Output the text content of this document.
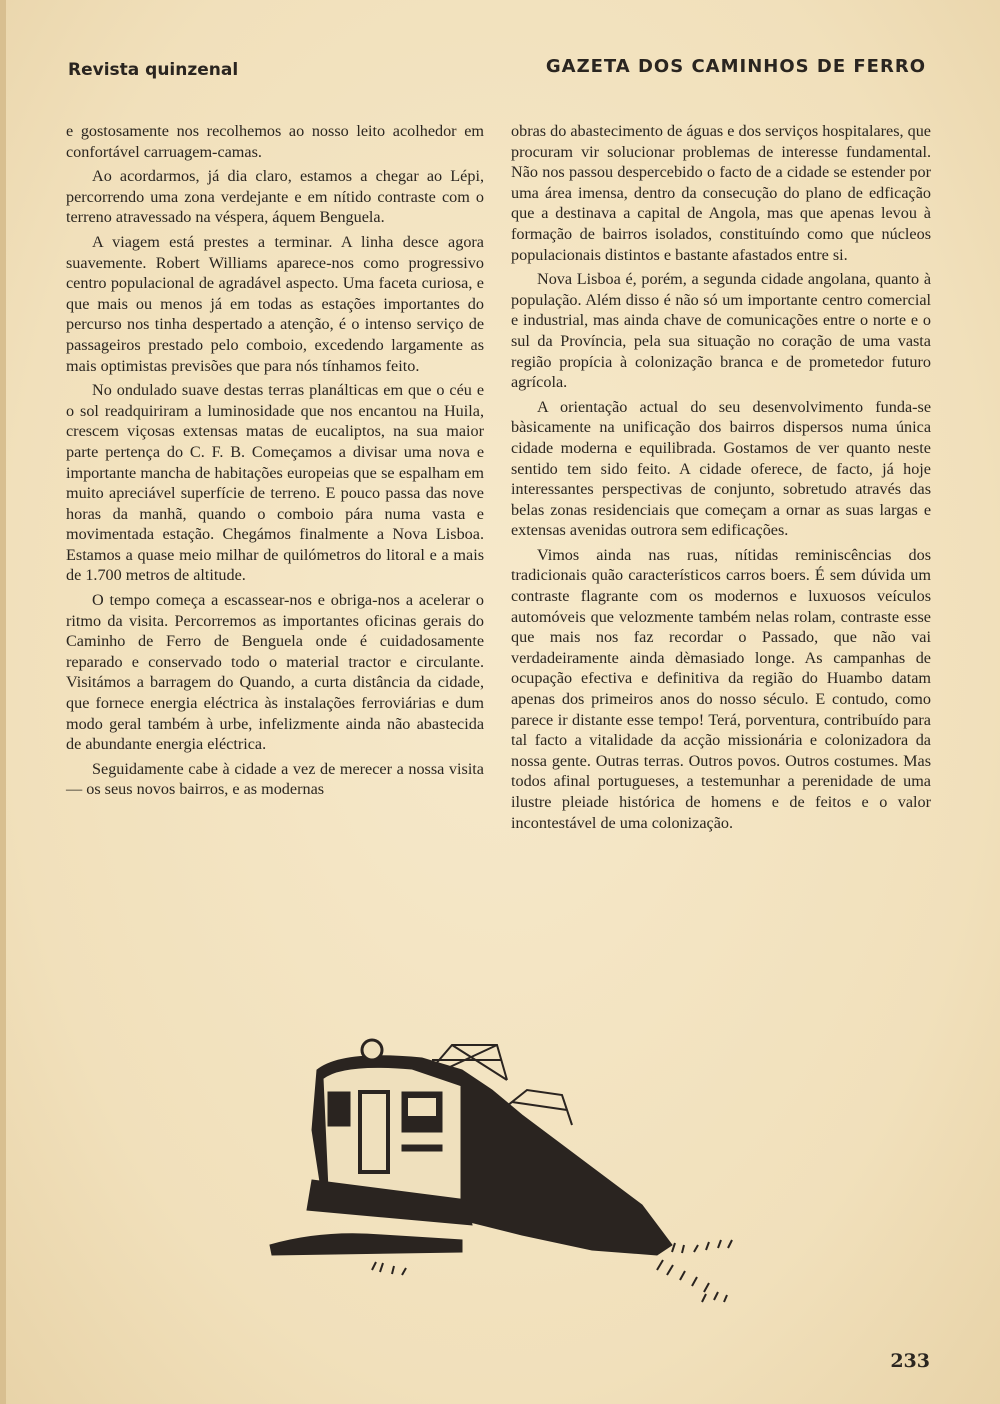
Revista quinzenal	GAZETA DOS CAMINHOS DE FERRO

e gostosamente nos recolhemos ao nosso leito acolhedor em confortável carruagem-camas.

Ao acordarmos, já dia claro, estamos a chegar ao Lépi, percorrendo uma zona verdejante e em nítido contraste com o terreno atravessado na véspera, áquem Benguela.

A viagem está prestes a terminar. A linha desce agora suavemente. Robert Williams aparece-nos como progressivo centro populacional de agradável aspecto. Uma faceta curiosa, e que mais ou menos já em todas as estações importantes do percurso nos tinha despertado a atenção, é o intenso serviço de passageiros prestado pelo comboio, excedendo largamente as mais optimistas previsões que para nós tínhamos feito.

No ondulado suave destas terras planálticas em que o céu e o sol readquiriram a luminosidade que nos encantou na Huila, crescem viçosas extensas matas de eucaliptos, na sua maior parte pertença do C. F. B. Começamos a divisar uma nova e importante mancha de habitações europeias que se espalham em muito apreciável superfície de terreno. E pouco passa das nove horas da manhã, quando o comboio pára numa vasta e movimentada estação. Chegámos finalmente a Nova Lisboa. Estamos a quase meio milhar de quilómetros do litoral e a mais de 1.700 metros de altitude.

O tempo começa a escassear-nos e obriga-nos a acelerar o ritmo da visita. Percorremos as importantes oficinas gerais do Caminho de Ferro de Benguela onde é cuidadosamente reparado e conservado todo o material tractor e circulante. Visitámos a barragem do Quando, a curta distância da cidade, que fornece energia eléctrica às instalações ferroviárias e dum modo geral também à urbe, infelizmente ainda não abastecida de abundante energia eléctrica.

Seguidamente cabe à cidade a vez de merecer a nossa visita — os seus novos bairros, e as modernas

obras do abastecimento de águas e dos serviços hospitalares, que procuram vir solucionar problemas de interesse fundamental. Não nos passou despercebido o facto de a cidade se estender por uma área imensa, dentro da consecução do plano de edficação que a destinava a capital de Angola, mas que apenas levou à formação de bairros isolados, constituíndo como que núcleos populacionais distintos e bastante afastados entre si.

Nova Lisboa é, porém, a segunda cidade angolana, quanto à população. Além disso é não só um importante centro comercial e industrial, mas ainda chave de comunicações entre o norte e o sul da Província, pela sua situação no coração de uma vasta região propícia à colonização branca e de prometedor futuro agrícola.

A orientação actual do seu desenvolvimento funda-se bàsicamente na unificação dos bairros dispersos numa única cidade moderna e equilibrada. Gostamos de ver quanto neste sentido tem sido feito. A cidade oferece, de facto, já hoje interessantes perspectivas de conjunto, sobretudo através das belas zonas residenciais que começam a ornar as suas largas e extensas avenidas outrora sem edificações.

Vimos ainda nas ruas, nítidas reminiscências dos tradicionais quão característicos carros boers. É sem dúvida um contraste flagrante com os modernos e luxuosos veículos automóveis que velozmente também nelas rolam, contraste esse que mais nos faz recordar o Passado, que não vai verdadeiramente ainda dèmasiado longe. As campanhas de ocupação efectiva e definitiva da região do Huambo datam apenas dos primeiros anos do nosso século. E contudo, como parece ir distante esse tempo! Terá, porventura, contribuído para tal facto a vitalidade da acção missionária e colonizadora da nossa gente. Outras terras. Outros povos. Outros costumes. Mas todos afinal portugueses, a testemunhar a perenidade de uma ilustre pleiade histórica de homens e de feitos e o valor incontestável de uma colonização.

233
